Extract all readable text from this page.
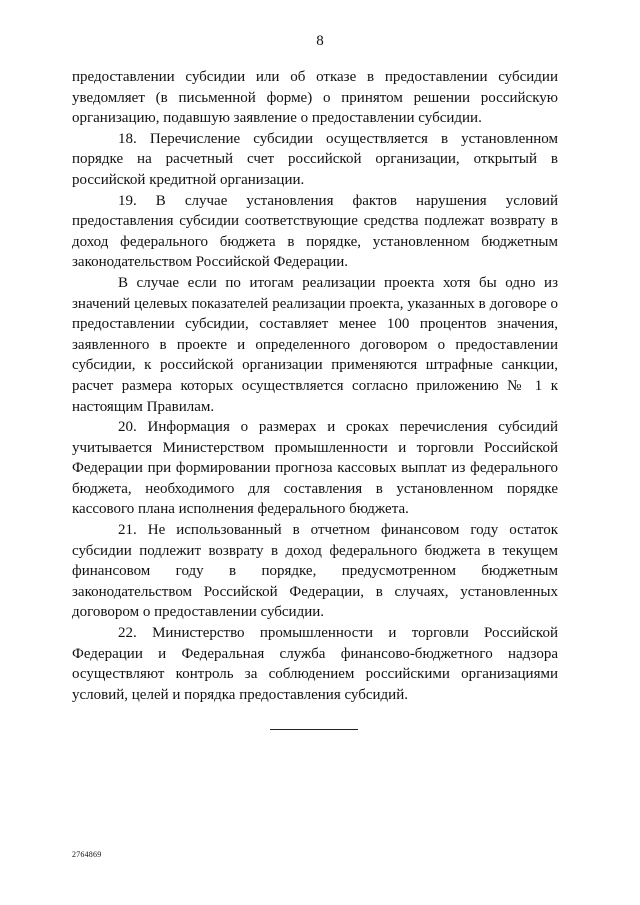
8

предоставлении субсидии или об отказе в предоставлении субсидии уведомляет (в письменной форме) о принятом решении российскую организацию, подавшую заявление о предоставлении субсидии.

18. Перечисление субсидии осуществляется в установленном порядке на расчетный счет российской организации, открытый в российской кредитной организации.

19. В случае установления фактов нарушения условий предоставления субсидии соответствующие средства подлежат возврату в доход федерального бюджета в порядке, установленном бюджетным законодательством Российской Федерации.

В случае если по итогам реализации проекта хотя бы одно из значений целевых показателей реализации проекта, указанных в договоре о предоставлении субсидии, составляет менее 100 процентов значения, заявленного в проекте и определенного договором о предоставлении субсидии, к российской организации применяются штрафные санкции, расчет размера которых осуществляется согласно приложению № 1 к настоящим Правилам.

20. Информация о размерах и сроках перечисления субсидий учитывается Министерством промышленности и торговли Российской Федерации при формировании прогноза кассовых выплат из федерального бюджета, необходимого для составления в установленном порядке кассового плана исполнения федерального бюджета.

21. Не использованный в отчетном финансовом году остаток субсидии подлежит возврату в доход федерального бюджета в текущем финансовом году в порядке, предусмотренном бюджетным законодательством Российской Федерации, в случаях, установленных договором о предоставлении субсидии.

22. Министерство промышленности и торговли Российской Федерации и Федеральная служба финансово-бюджетного надзора осуществляют контроль за соблюдением российскими организациями условий, целей и порядка предоставления субсидий.

2764869
